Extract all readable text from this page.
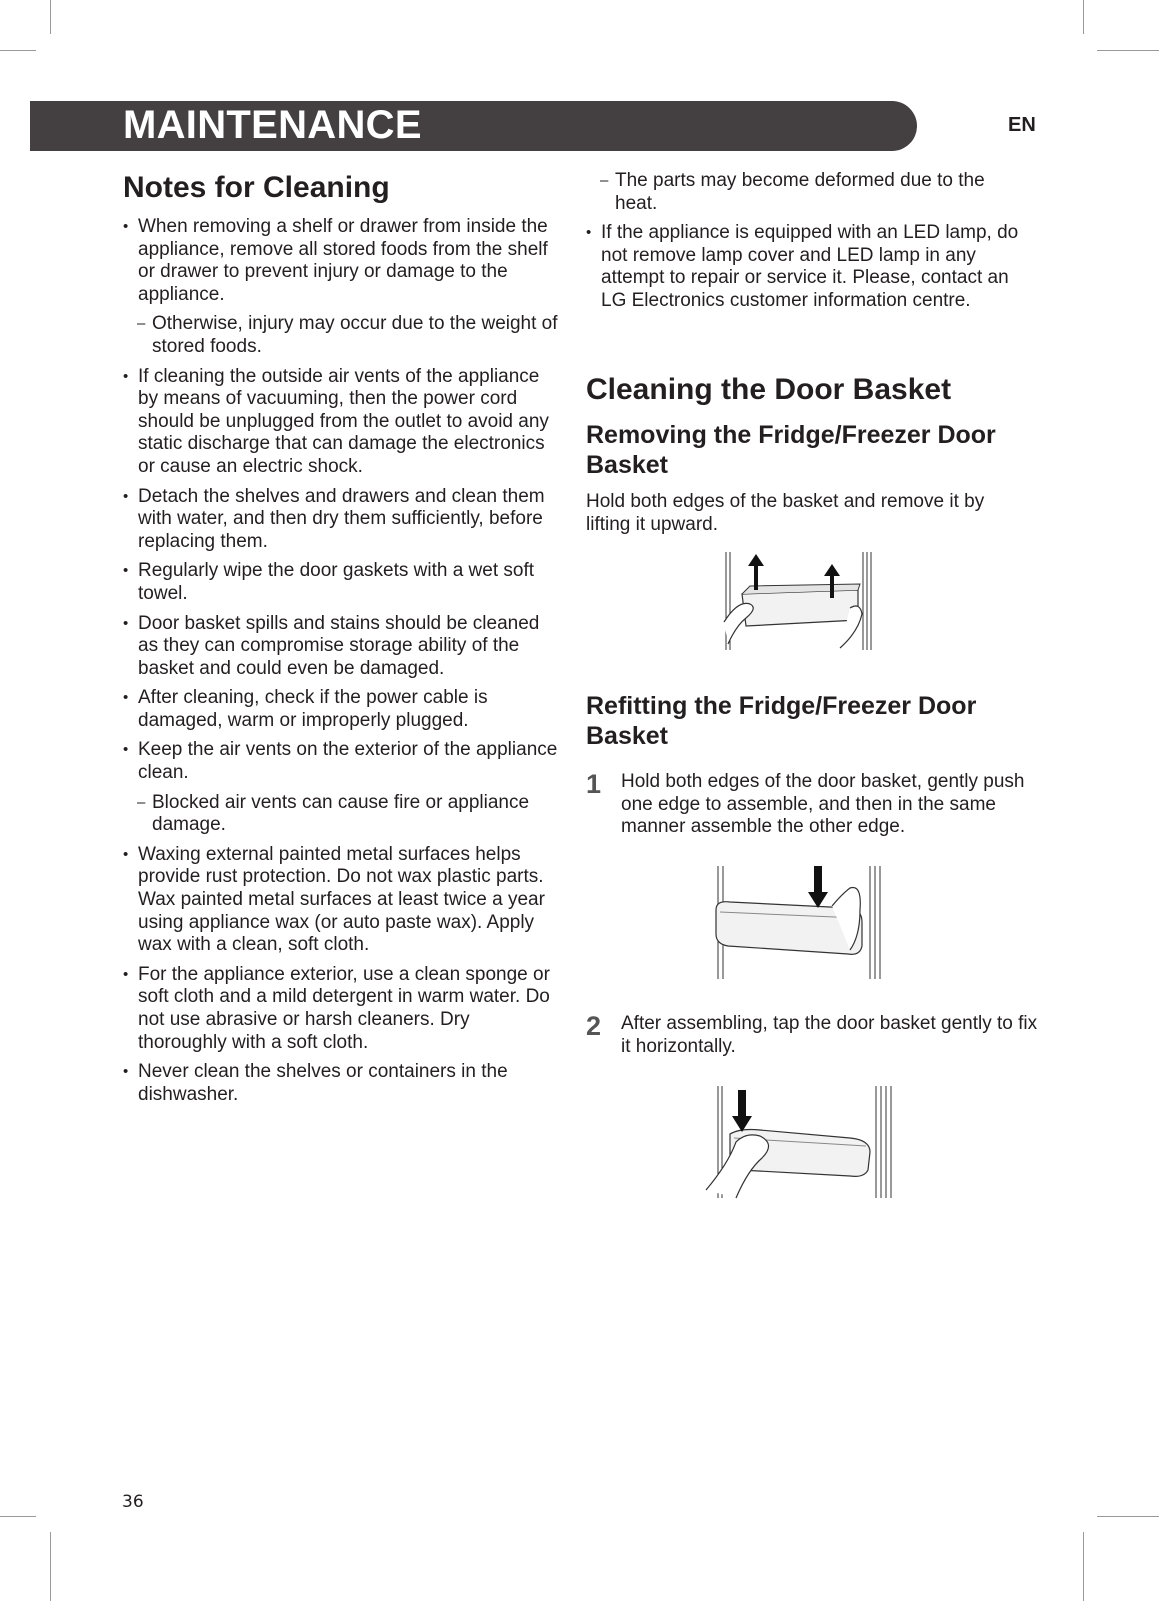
MAINTENANCE	EN
Notes for Cleaning
• When removing a shelf or drawer from inside the appliance, remove all stored foods from the shelf or drawer to prevent injury or damage to the appliance.
– Otherwise, injury may occur due to the weight of stored foods.
• If cleaning the outside air vents of the appliance by means of vacuuming, then the power cord should be unplugged from the outlet to avoid any static discharge that can damage the electronics or cause an electric shock.
• Detach the shelves and drawers and clean them with water, and then dry them sufficiently, before replacing them.
• Regularly wipe the door gaskets with a wet soft towel.
• Door basket spills and stains should be cleaned as they can compromise storage ability of the basket and could even be damaged.
• After cleaning, check if the power cable is damaged, warm or improperly plugged.
• Keep the air vents on the exterior of the appliance clean.
– Blocked air vents can cause fire or appliance damage.
• Waxing external painted metal surfaces helps provide rust protection. Do not wax plastic parts. Wax painted metal surfaces at least twice a year using appliance wax (or auto paste wax). Apply wax with a clean, soft cloth.
• For the appliance exterior, use a clean sponge or soft cloth and a mild detergent in warm water. Do not use abrasive or harsh cleaners. Dry thoroughly with a soft cloth.
• Never clean the shelves or containers in the dishwasher.
– The parts may become deformed due to the heat.
• If the appliance is equipped with an LED lamp, do not remove lamp cover and LED lamp in any attempt to repair or service it. Please, contact an LG Electronics customer information centre.
Cleaning the Door Basket
Removing the Fridge/Freezer Door Basket

Hold both edges of the basket and remove it by lifting it upward.

Refitting the Fridge/Freezer Door Basket
1 Hold both edges of the door basket, gently push one edge to assemble, and then in the same manner assemble the other edge.

2 After assembling, tap the door basket gently to fix it horizontally.

36
